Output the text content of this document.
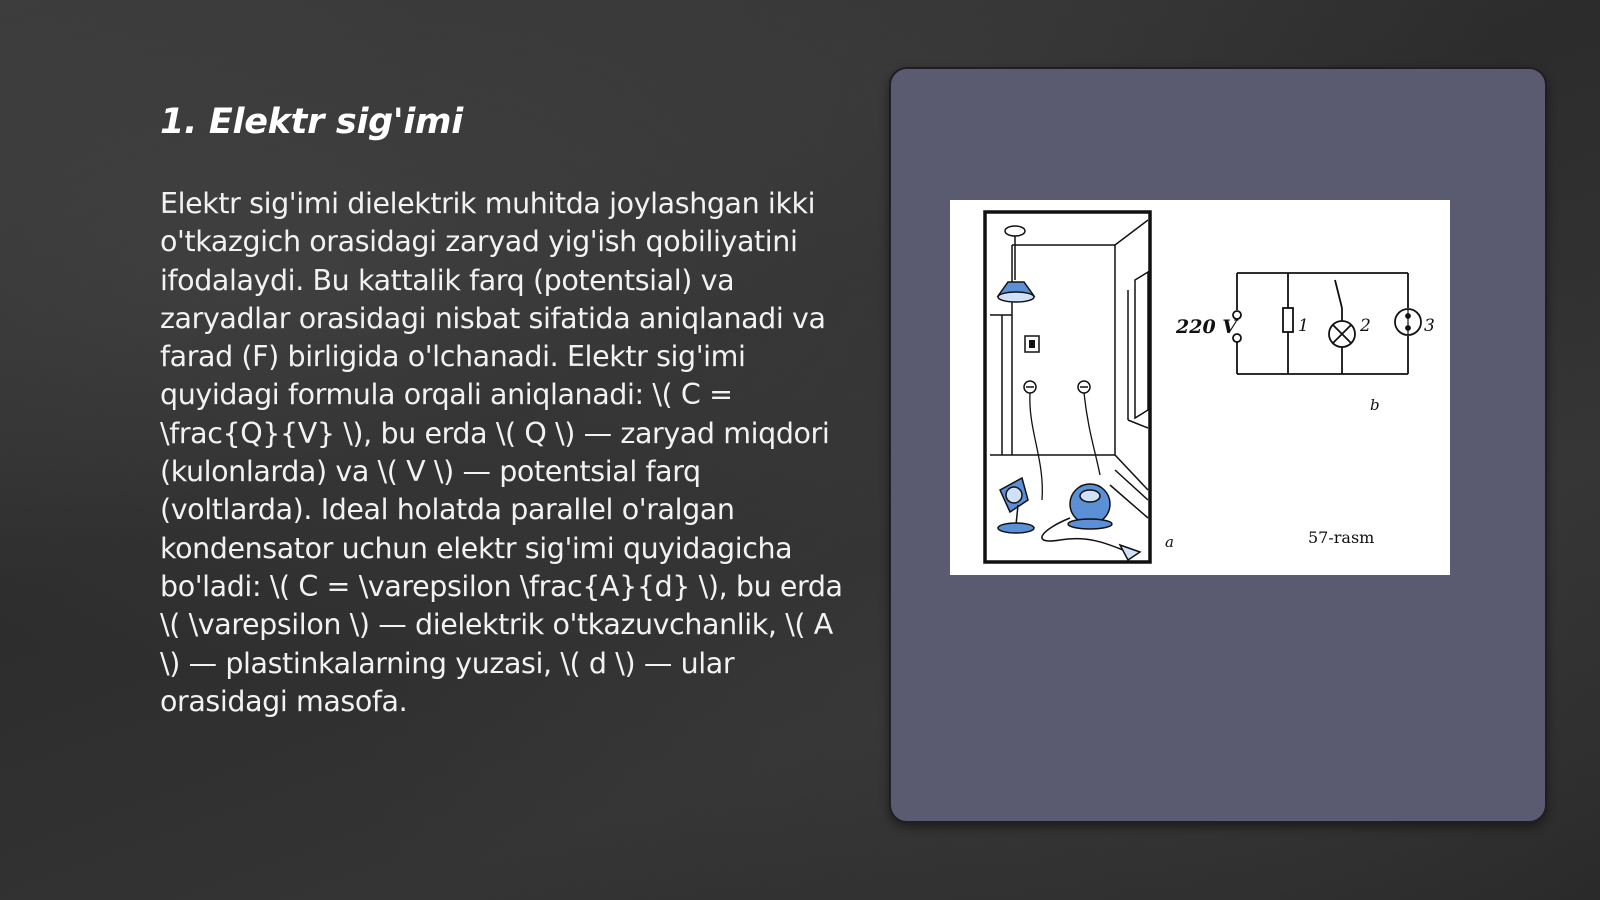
1. Elektr sig'imi

Elektr sig'imi dielektrik muhitda joylashgan ikki o'tkazgich orasidagi zaryad yig'ish qobiliyatini ifodalaydi. Bu kattalik farq (potentsial) va zaryadlar orasidagi nisbat sifatida aniqlanadi va farad (F) birligida o'lchanadi. Elektr sig'imi quyidagi formula orqali aniqlanadi: \( C = \frac{Q}{V} \), bu erda \( Q \) — zaryad miqdori (kulonlarda) va \( V \) — potentsial farq (voltlarda). Ideal holatda parallel o'ralgan kondensator uchun elektr sig'imi quyidagicha bo'ladi: \( C = \varepsilon \frac{A}{d} \), bu erda \( \varepsilon \) — dielektrik o'tkazuvchanlik, \( A \) — plastinkalarning yuzasi, \( d \) — ular orasidagi masofa.

220 V	1	2	3
b
a	57-rasm
